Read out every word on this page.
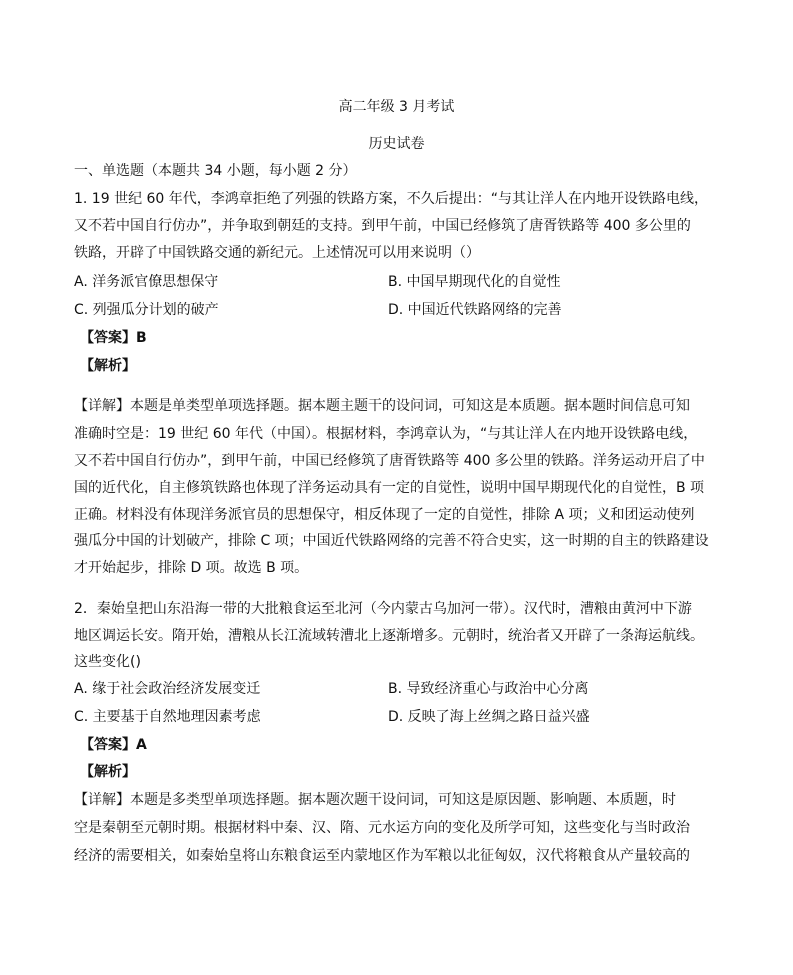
高二年级 3 月考试
历史试卷
一、单选题（本题共 34 小题，每小题 2 分）
1. 19 世纪 60 年代，李鸿章拒绝了列强的铁路方案，不久后提出：“与其让洋人在内地开设铁路电线，
又不若中国自行仿办”，并争取到朝廷的支持。到甲午前，中国已经修筑了唐胥铁路等 400 多公里的
铁路，开辟了中国铁路交通的新纪元。上述情况可以用来说明（）
A. 洋务派官僚思想保守	B. 中国早期现代化的自觉性
C. 列强瓜分计划的破产	D. 中国近代铁路网络的完善
【答案】B
【解析】
【详解】本题是单类型单项选择题。据本题主题干的设问词，可知这是本质题。据本题时间信息可知
准确时空是：19 世纪 60 年代（中国）。根据材料，李鸿章认为，“与其让洋人在内地开设铁路电线，
又不若中国自行仿办”，到甲午前，中国已经修筑了唐胥铁路等 400 多公里的铁路。洋务运动开启了中
国的近代化，自主修筑铁路也体现了洋务运动具有一定的自觉性，说明中国早期现代化的自觉性，B 项
正确。材料没有体现洋务派官员的思想保守，相反体现了一定的自觉性，排除 A 项；义和团运动使列
强瓜分中国的计划破产，排除 C 项；中国近代铁路网络的完善不符合史实，这一时期的自主的铁路建设
才开始起步，排除 D 项。故选 B 项。
2．秦始皇把山东沿海一带的大批粮食运至北河（今内蒙古乌加河一带）。汉代时，漕粮由黄河中下游
地区调运长安。隋开始，漕粮从长江流域转漕北上逐渐增多。元朝时，统治者又开辟了一条海运航线。
这些变化()
A. 缘于社会政治经济发展变迁	B. 导致经济重心与政治中心分离
C. 主要基于自然地理因素考虑	D. 反映了海上丝绸之路日益兴盛
【答案】A
【解析】
【详解】本题是多类型单项选择题。据本题次题干设问词，可知这是原因题、影响题、本质题，时
空是秦朝至元朝时期。根据材料中秦、汉、隋、元水运方向的变化及所学可知，这些变化与当时政治
经济的需要相关，如秦始皇将山东粮食运至内蒙地区作为军粮以北征匈奴，汉代将粮食从产量较高的
